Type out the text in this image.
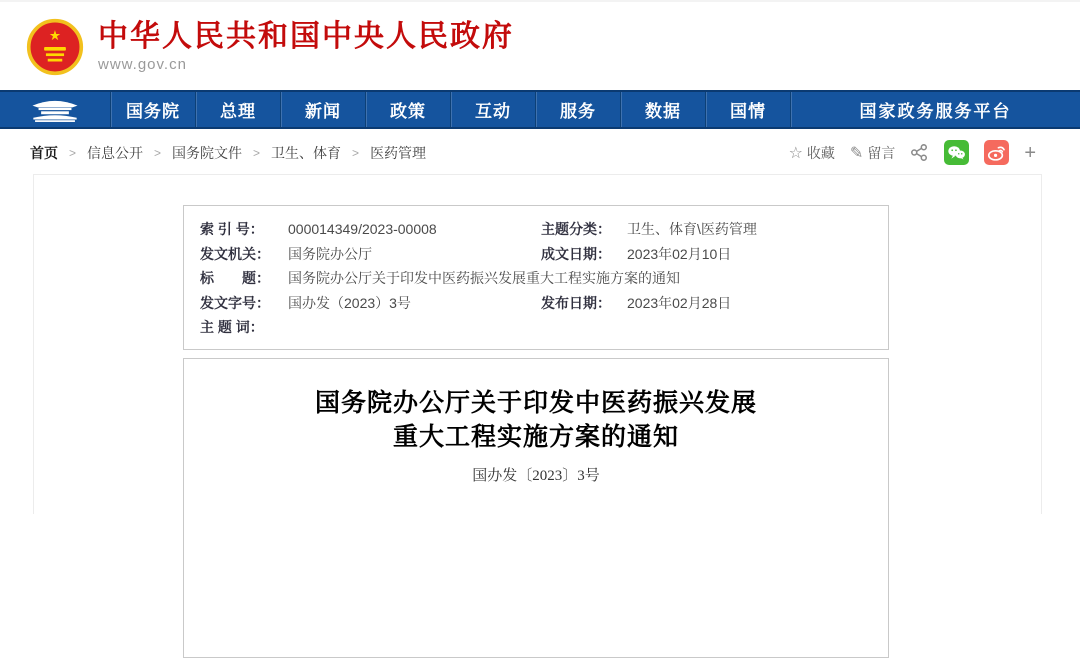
★ 中华人民共和国中央人民政府
www.gov.cn
国务院 总理	新闻	政策	互动	服务	数据	国情	国家政务服务平台
首页 > 信息公开 > 国务院文件 > 卫生、体育 > 医药管理	☆ 收藏 ✎ 留言	+
索 引 号：	000014349/2023-00008	主题分类：	卫生、体育\医药管理
发文机关：	国务院办公厅	成文日期：	2023年02月10日
标　　题：	国务院办公厅关于印发中医药振兴发展重大工程实施方案的通知
发文字号：	国办发（2023）3号	发布日期：	2023年02月28日
主 题 词：
国务院办公厅关于印发中医药振兴发展
重大工程实施方案的通知
国办发〔2023〕3号
